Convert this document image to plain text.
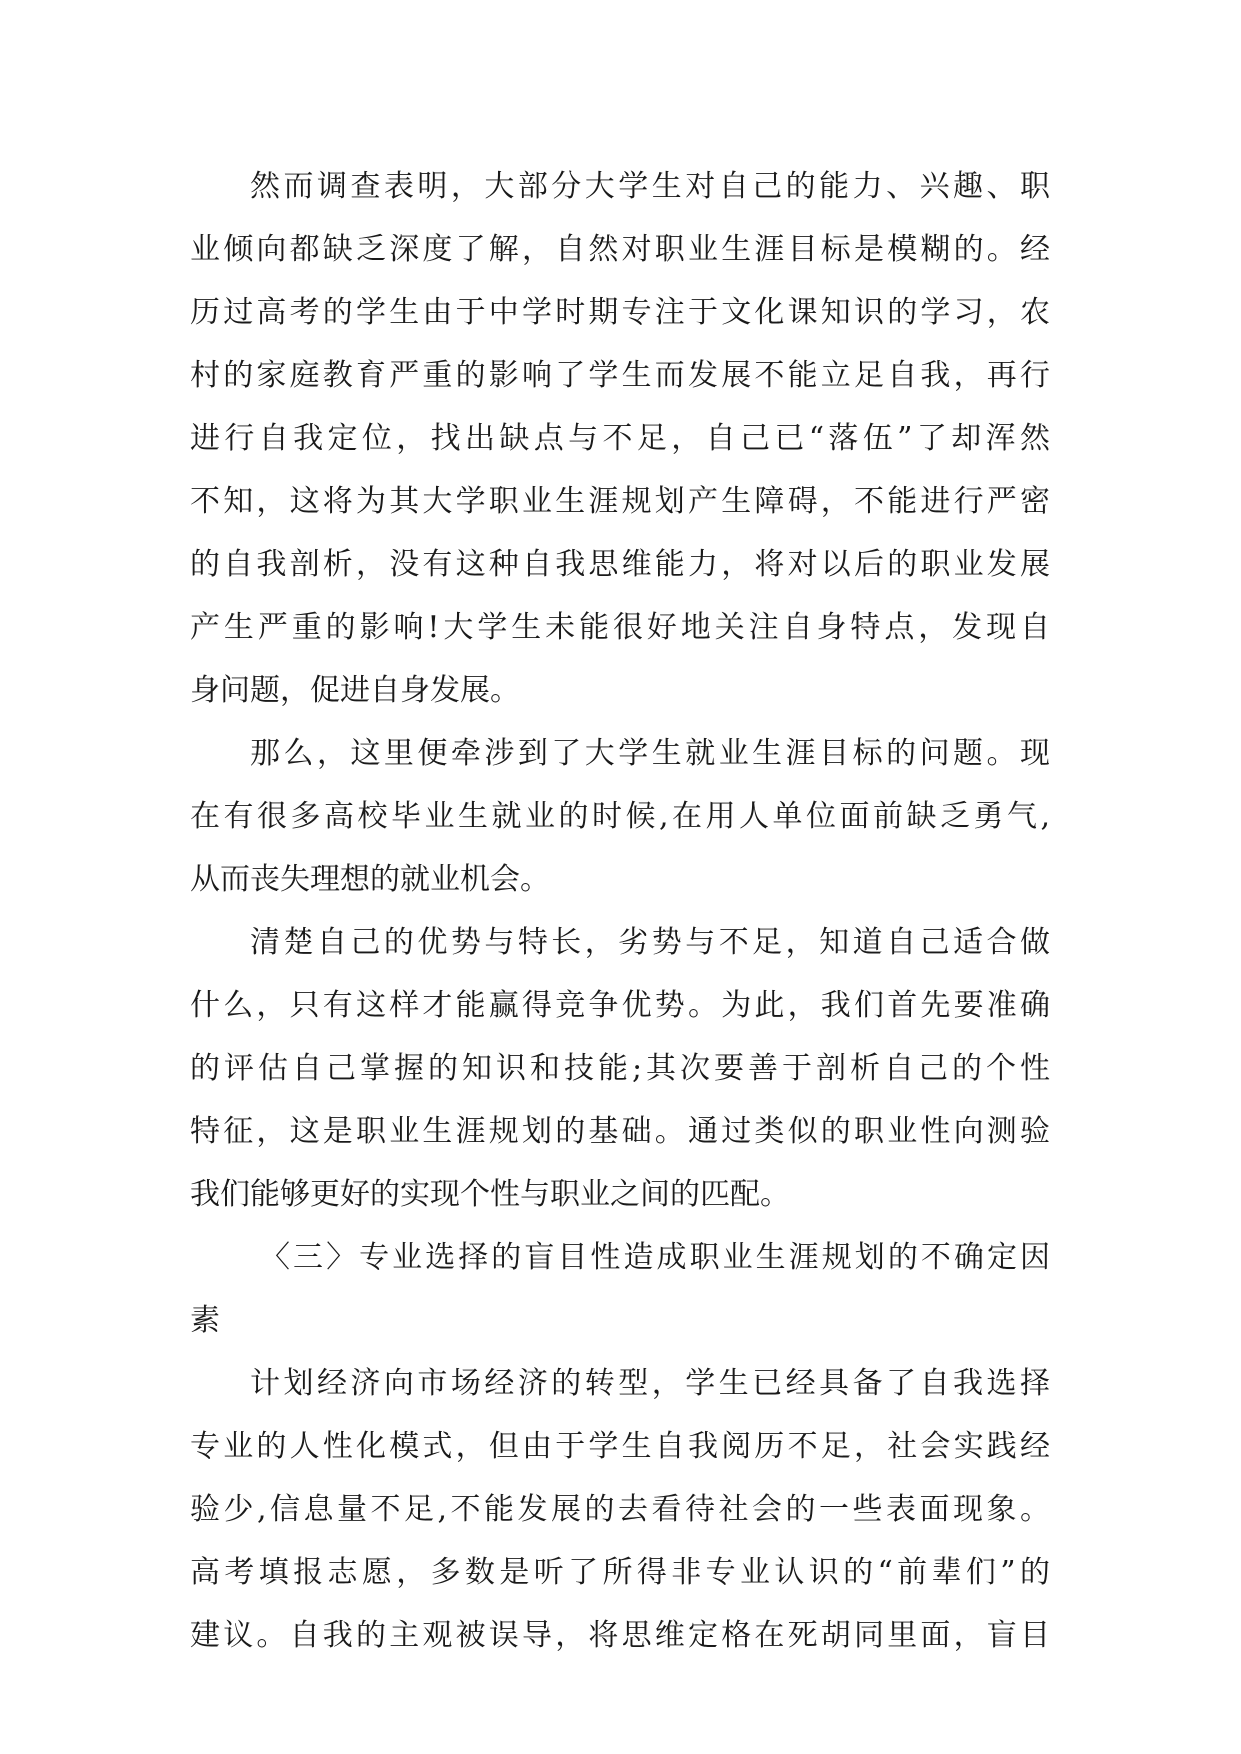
然而调查表明，大部分大学生对自己的能力、兴趣、职
业倾向都缺乏深度了解，自然对职业生涯目标是模糊的。经
历过高考的学生由于中学时期专注于文化课知识的学习，农
村的家庭教育严重的影响了学生而发展不能立足自我，再行
进行自我定位，找出缺点与不足，自己已“落伍”了却浑然
不知，这将为其大学职业生涯规划产生障碍，不能进行严密
的自我剖析，没有这种自我思维能力，将对以后的职业发展
产生严重的影响!大学生未能很好地关注自身特点，发现自
身问题，促进自身发展。
那么，这里便牵涉到了大学生就业生涯目标的问题。现
在有很多高校毕业生就业的时候,在用人单位面前缺乏勇气,
从而丧失理想的就业机会。
清楚自己的优势与特长，劣势与不足，知道自己适合做
什么，只有这样才能赢得竞争优势。为此，我们首先要准确
的评估自己掌握的知识和技能;其次要善于剖析自己的个性
特征，这是职业生涯规划的基础。通过类似的职业性向测验
我们能够更好的实现个性与职业之间的匹配。
〈三〉专业选择的盲目性造成职业生涯规划的不确定因
素
计划经济向市场经济的转型，学生已经具备了自我选择
专业的人性化模式，但由于学生自我阅历不足，社会实践经
验少,信息量不足,不能发展的去看待社会的一些表面现象。
高考填报志愿，多数是听了所得非专业认识的“前辈们”的
建议。自我的主观被误导，将思维定格在死胡同里面，盲目
